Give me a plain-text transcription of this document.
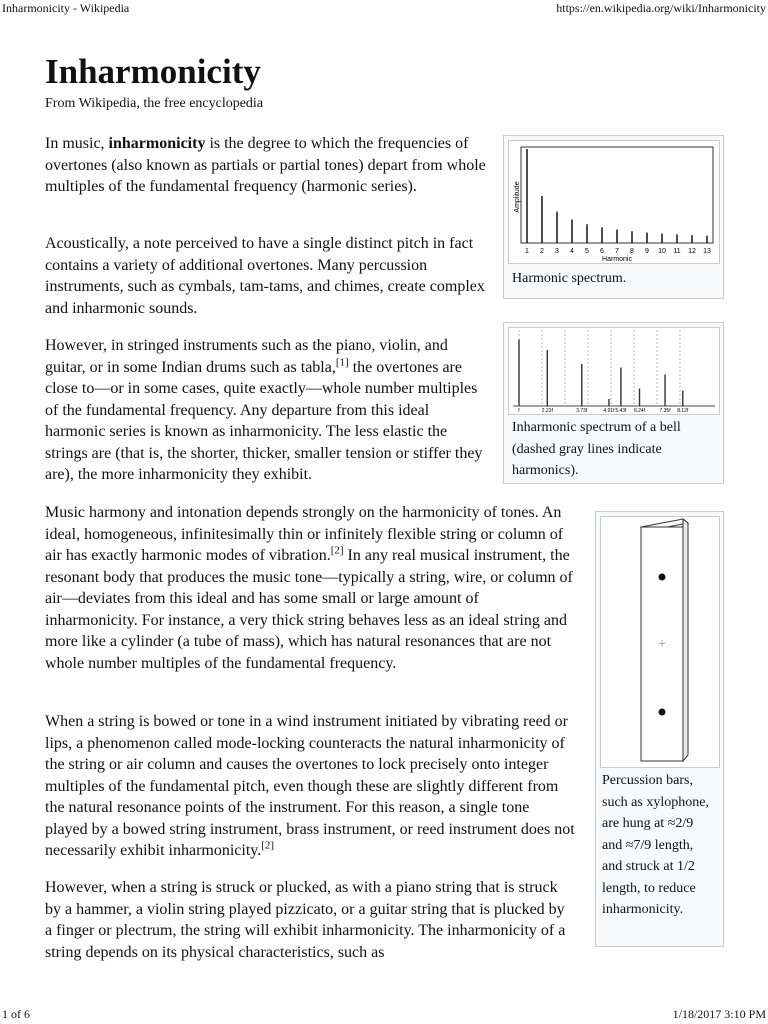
Inharmonicity - Wikipedia	https://en.wikipedia.org/wiki/Inharmonicity
1 of 6	1/18/2017 3:10 PM
Inharmonicity
From Wikipedia, the free encyclopedia

In music, inharmonicity is the degree to which the frequencies of overtones (also known as partials or partial tones) depart from whole multiples of the fundamental frequency (harmonic series).

Acoustically, a note perceived to have a single distinct pitch in fact contains a variety of additional overtones. Many percussion instruments, such as cymbals, tam-tams, and chimes, create complex and inharmonic sounds.

However, in stringed instruments such as the piano, violin, and guitar, or in some Indian drums such as tabla,[1] the overtones are close to—or in some cases, quite exactly—whole number multiples of the fundamental frequency. Any departure from this ideal harmonic series is known as inharmonicity. The less elastic the strings are (that is, the shorter, thicker, smaller tension or stiffer they are), the more inharmonicity they exhibit.

Music harmony and intonation depends strongly on the harmonicity of tones. An ideal, homogeneous, infinitesimally thin or infinitely flexible string or column of air has exactly harmonic modes of vibration.[2] In any real musical instrument, the resonant body that produces the music tone—typically a string, wire, or column of air—deviates from this ideal and has some small or large amount of inharmonicity. For instance, a very thick string behaves less as an ideal string and more like a cylinder (a tube of mass), which has natural resonances that are not whole number multiples of the fundamental frequency.

When a string is bowed or tone in a wind instrument initiated by vibrating reed or lips, a phenomenon called mode-locking counteracts the natural inharmonicity of the string or air column and causes the overtones to lock precisely onto integer multiples of the fundamental pitch, even though these are slightly different from the natural resonance points of the instrument. For this reason, a single tone played by a bowed string instrument, brass instrument, or reed instrument does not necessarily exhibit inharmonicity.[2]

However, when a string is struck or plucked, as with a piano string that is struck by a hammer, a violin string played pizzicato, or a guitar string that is plucked by a finger or plectrum, the string will exhibit inharmonicity. The inharmonicity of a string depends on its physical characteristics, such as

1 2 3 4 5 6 7 8 9 10 11 12 13
Amplitude
Harmonic
Harmonic spectrum.
f	2.23f	3.73f	4.91f 5.43f 6.24f	7.35f 8.12f
Inharmonic spectrum of a bell (dashed gray lines indicate harmonics).
+
Percussion bars, such as xylophone, are hung at ≈2/9 and ≈7/9 length, and struck at 1/2 length, to reduce inharmonicity.
